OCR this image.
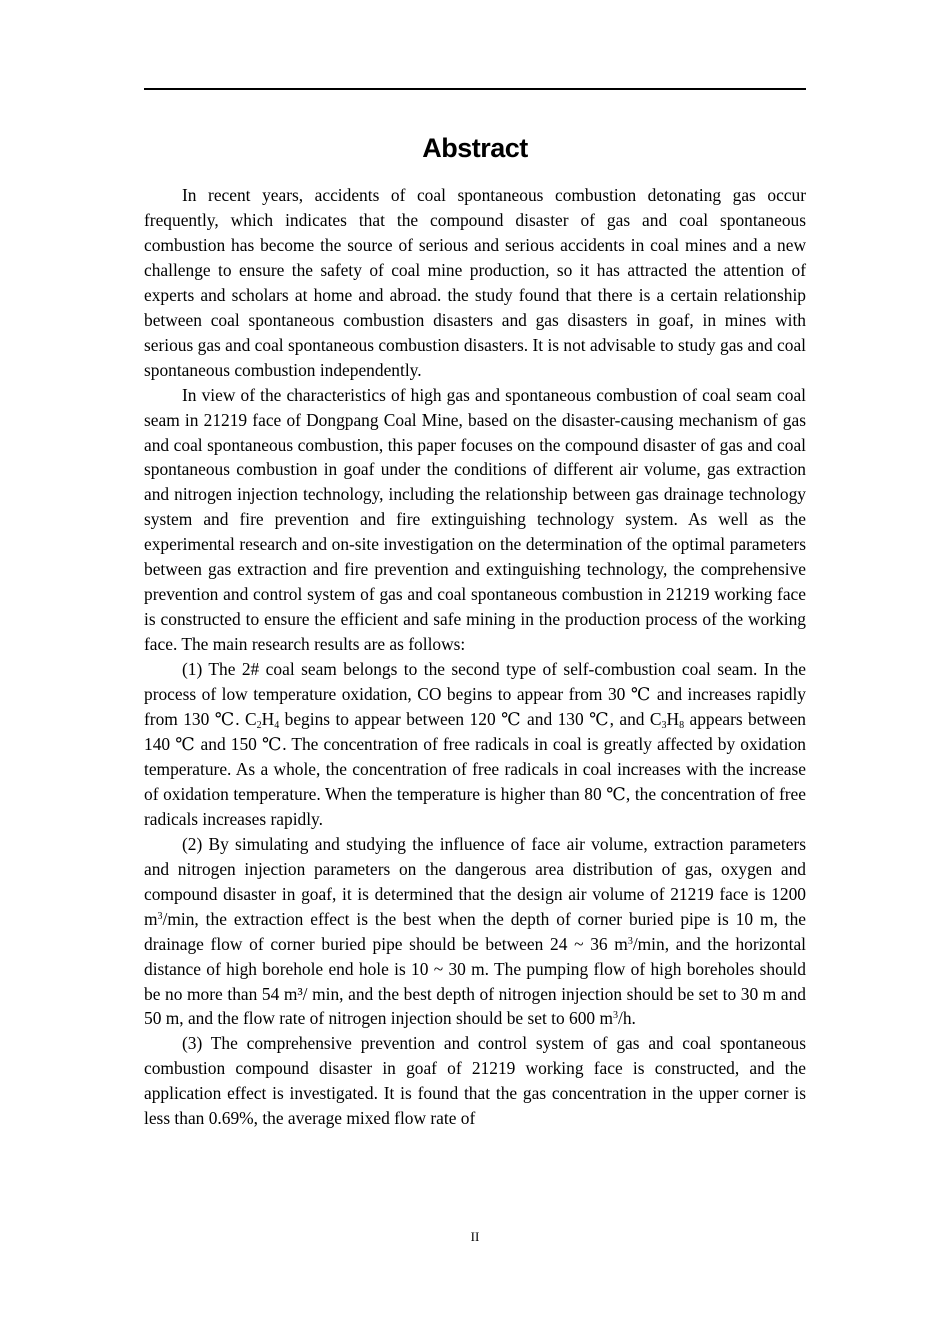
Abstract

In recent years, accidents of coal spontaneous combustion detonating gas occur frequently, which indicates that the compound disaster of gas and coal spontaneous combustion has become the source of serious and serious accidents in coal mines and a new challenge to ensure the safety of coal mine production, so it has attracted the attention of experts and scholars at home and abroad. the study found that there is a certain relationship between coal spontaneous combustion disasters and gas disasters in goaf, in mines with serious gas and coal spontaneous combustion disasters. It is not advisable to study gas and coal spontaneous combustion independently.

In view of the characteristics of high gas and spontaneous combustion of coal seam coal seam in 21219 face of Dongpang Coal Mine, based on the disaster-causing mechanism of gas and coal spontaneous combustion, this paper focuses on the compound disaster of gas and coal spontaneous combustion in goaf under the conditions of different air volume, gas extraction and nitrogen injection technology, including the relationship between gas drainage technology system and fire prevention and fire extinguishing technology system. As well as the experimental research and on-site investigation on the determination of the optimal parameters between gas extraction and fire prevention and extinguishing technology, the comprehensive prevention and control system of gas and coal spontaneous combustion in 21219 working face is constructed to ensure the efficient and safe mining in the production process of the working face. The main research results are as follows:

(1) The 2# coal seam belongs to the second type of self-combustion coal seam. In the process of low temperature oxidation, CO begins to appear from 30 ℃ and increases rapidly from 130 ℃. $C_2H_4$ begins to appear between 120 ℃ and 130 ℃, and $C_3H_8$ appears between 140 ℃ and 150 ℃. The concentration of free radicals in coal is greatly affected by oxidation temperature. As a whole, the concentration of free radicals in coal increases with the increase of oxidation temperature. When the temperature is higher than 80 ℃, the concentration of free radicals increases rapidly.

(2) By simulating and studying the influence of face air volume, extraction parameters and nitrogen injection parameters on the dangerous area distribution of gas, oxygen and compound disaster in goaf, it is determined that the design air volume of 21219 face is 1200 $m^3/\min$, the extraction effect is the best when the depth of corner buried pipe is 10 m, the drainage flow of corner buried pipe should be between 24 ~ 36 $m^3/\min$, and the horizontal distance of high borehole end hole is 10 ~ 30 m. The pumping flow of high boreholes should be no more than 54 m³/ min, and the best depth of nitrogen injection should be set to 30 m and 50 m, and the flow rate of nitrogen injection should be set to 600 $m^3/h$.

(3) The comprehensive prevention and control system of gas and coal spontaneous combustion compound disaster in goaf of 21219 working face is constructed, and the application effect is investigated. It is found that the gas concentration in the upper corner is less than 0.69%, the average mixed flow rate of

II
